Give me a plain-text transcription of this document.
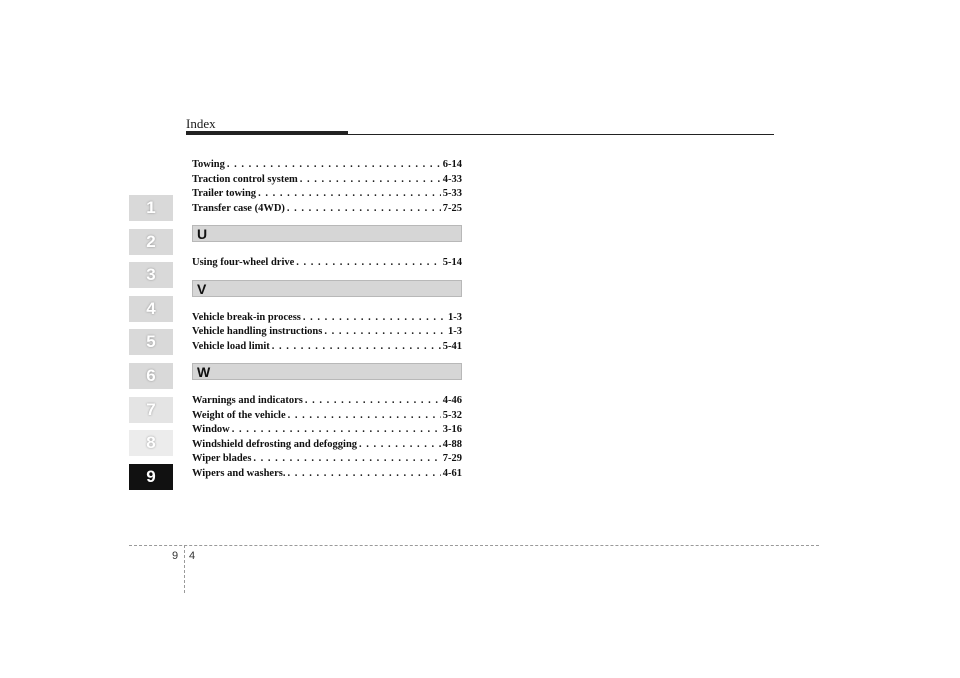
Index
1
2
3
4
5
6
7
8
9
Towing . . .	6-14
Traction control system . . .	4-33
Trailer towing . . .	5-33
Transfer case (4WD) . . .	7-25
U
Using four-wheel drive . . .	5-14
V
Vehicle break-in process . . .	1-3
Vehicle handling instructions . . .	1-3
Vehicle load limit . . .	5-41
W
Warnings and indicators . . .	4-46
Weight of the vehicle . . .	5-32
Window . . .	3-16
Windshield defrosting and defogging . . .	4-88
Wiper blades . . .	7-29
Wipers and washers. . . .	4-61
9 4
